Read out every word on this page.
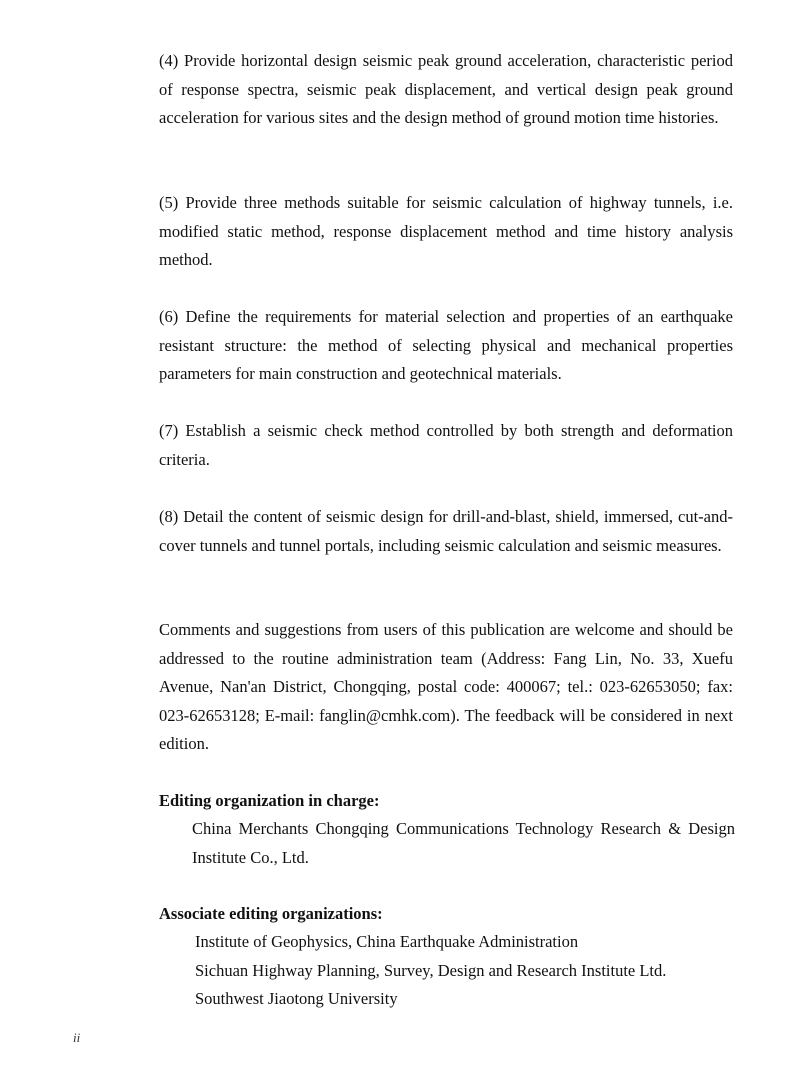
(4) Provide horizontal design seismic peak ground acceleration, characteristic period of response spectra, seismic peak displacement, and vertical design peak ground acceleration for various sites and the design method of ground motion time histories.

(5) Provide three methods suitable for seismic calculation of highway tunnels, i.e. modified static method, response displacement method and time history analysis method.

(6) Define the requirements for material selection and properties of an earthquake resistant structure: the method of selecting physical and mechanical properties parameters for main construction and geotechnical materials.

(7) Establish a seismic check method controlled by both strength and deformation criteria.

(8) Detail the content of seismic design for drill-and-blast, shield, immersed, cut-and-cover tunnels and tunnel portals, including seismic calculation and seismic measures.

Comments and suggestions from users of this publication are welcome and should be addressed to the routine administration team (Address: Fang Lin, No. 33, Xuefu Avenue, Nan'an District, Chongqing, postal code: 400067; tel.: 023-62653050; fax: 023-62653128; E-mail: fanglin@cmhk.com). The feedback will be considered in next edition.

Editing organization in charge:

China Merchants Chongqing Communications Technology Research & Design Institute Co., Ltd.

Associate editing organizations:

Institute of Geophysics, China Earthquake Administration

Sichuan Highway Planning, Survey, Design and Research Institute Ltd.

Southwest Jiaotong University

ii
